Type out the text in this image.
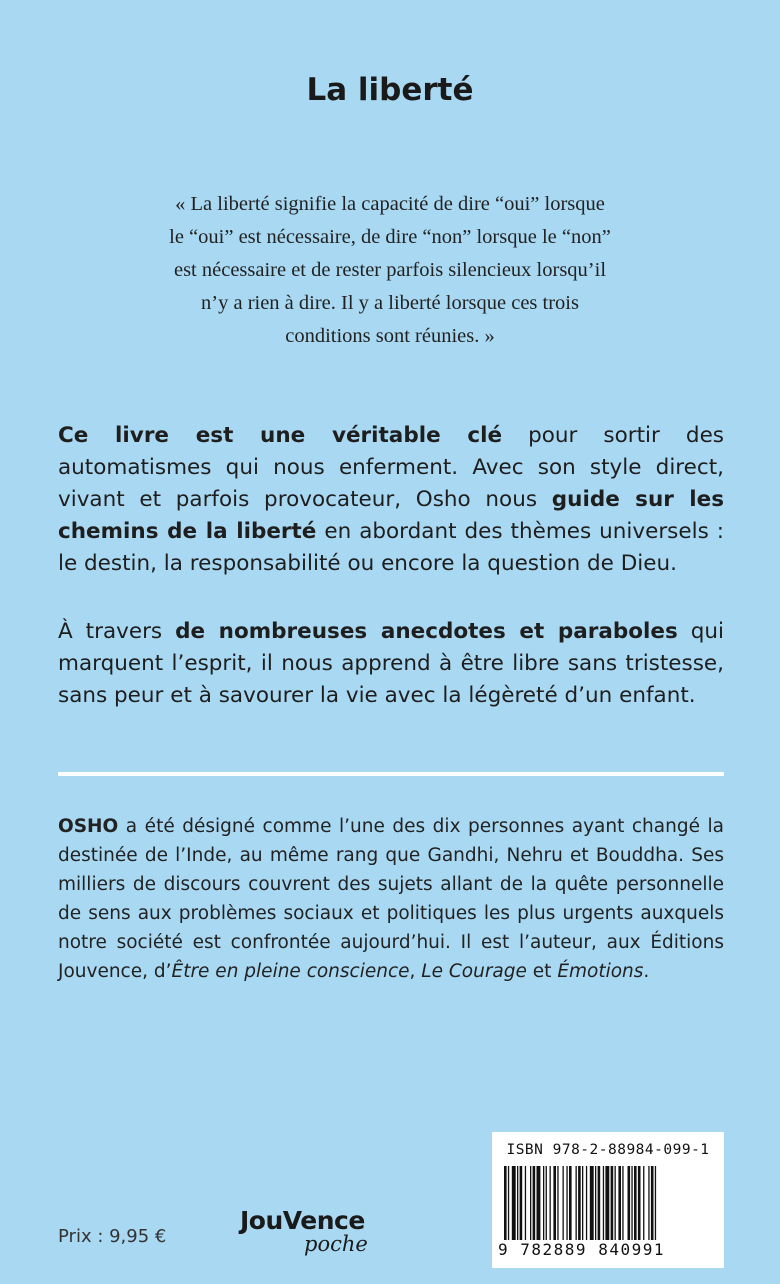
La liberté
« La liberté signifie la capacité de dire “oui” lorsque
le “oui” est nécessaire, de dire “non” lorsque le “non”
est nécessaire et de rester parfois silencieux lorsqu’il
n’y a rien à dire. Il y a liberté lorsque ces trois
conditions sont réunies. »
Ce livre est une véritable clé pour sortir des automatismes qui nous enferment. Avec son style direct, vivant et parfois provocateur, Osho nous guide sur les chemins de la liberté en abordant des thèmes universels : le destin, la responsabilité ou encore la question de Dieu.
À travers de nombreuses anecdotes et paraboles qui marquent l’esprit, il nous apprend à être libre sans tristesse, sans peur et à savourer la vie avec la légèreté d’un enfant.
OSHO a été désigné comme l’une des dix personnes ayant changé la destinée de l’Inde, au même rang que Gandhi, Nehru et Bouddha. Ses milliers de discours couvrent des sujets allant de la quête personnelle de sens aux problèmes sociaux et politiques les plus urgents auxquels notre société est confrontée aujourd’hui. Il est l’auteur, aux Éditions Jouvence, d’Être en pleine conscience, Le Courage et Émotions.
Prix : 9,95 €
JouVence
poche
ISBN 978-2-88984-099-1
9 782889 840991
